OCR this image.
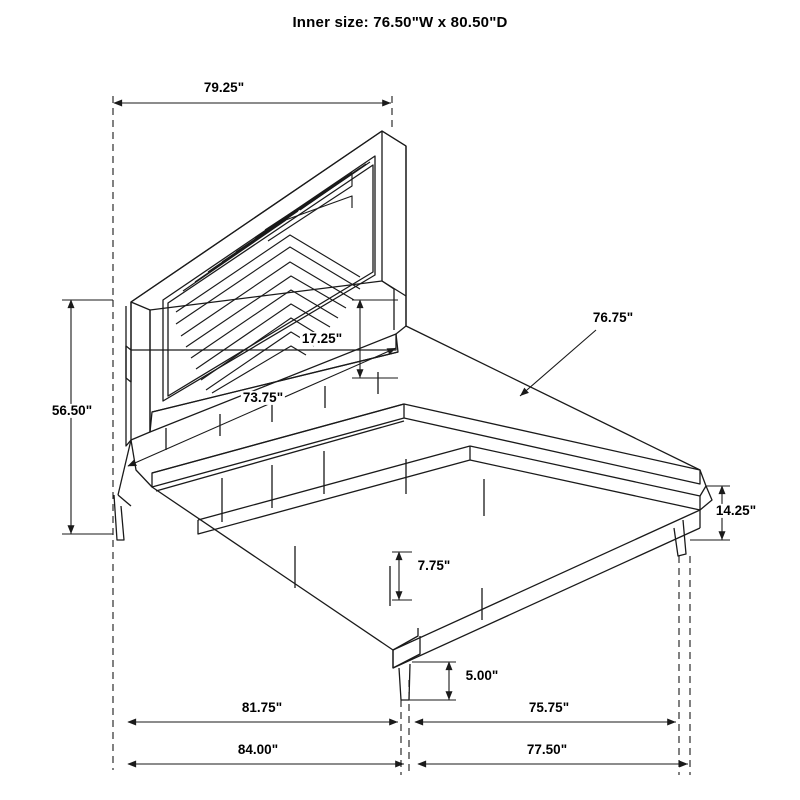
Inner size: 76.50"W x 80.50"D
79.25"
56.50"
17.25"
73.75"
76.75"
14.25"
7.75"
5.00"
81.75"	75.75"
84.00"	77.50"
